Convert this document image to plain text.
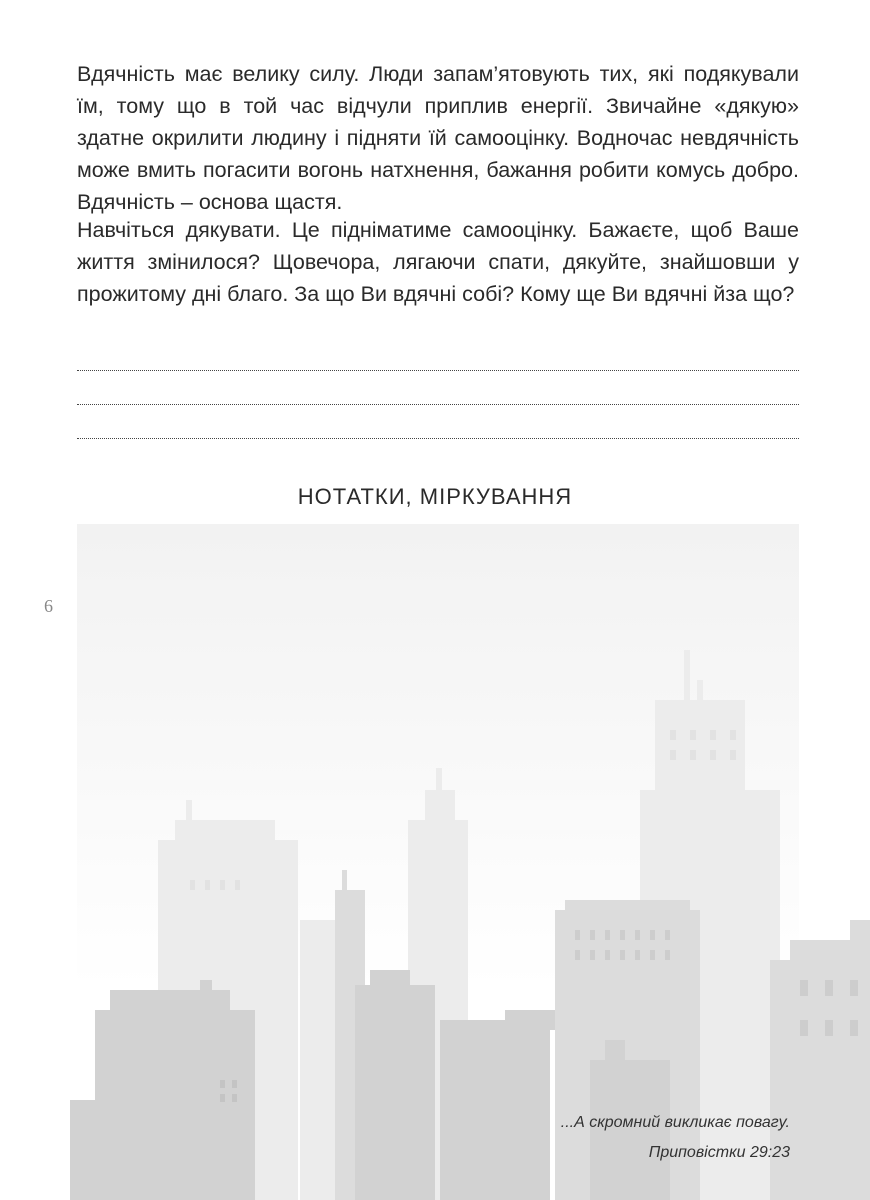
Вдячність має велику силу. Люди запам’ятовують тих, які подякували їм, тому що в той час відчули приплив енергії. Звичайне «дякую» здатне окрилити людину і підняти їй самооцінку. Водночас невдячність може вмить погасити вогонь натхнення, бажання робити комусь добро. Вдячність – основа щастя.

Навчіться дякувати. Це підніматиме самооцінку. Бажаєте, щоб Ваше життя змінилося? Щовечора, лягаючи спати, дякуйте, знайшовши у прожитому дні благо. За що Ви вдячні собі? Кому ще Ви вдячні йза що?

НОТАТКИ, МІРКУВАННЯ
6
...А скромний викликає повагу.
Приповістки 29:23
